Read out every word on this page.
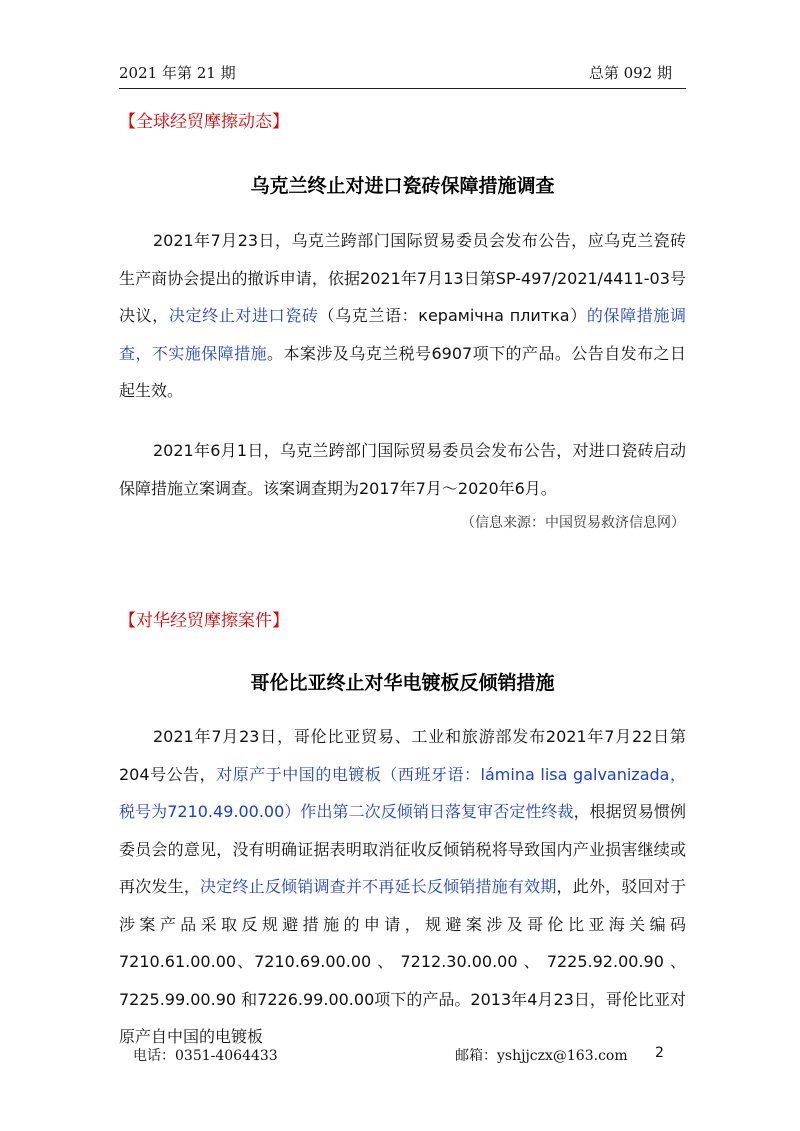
2021 年第 21 期	总第 092 期
【全球经贸摩擦动态】
乌克兰终止对进口瓷砖保障措施调查

2021年7月23日，乌克兰跨部门国际贸易委员会发布公告，应乌克兰瓷砖生产商协会提出的撤诉申请，依据2021年7月13日第SP-497/2021/4411-03号决议，决定终止对进口瓷砖（乌克兰语：керамічна плитка）的保障措施调查，不实施保障措施。本案涉及乌克兰税号6907项下的产品。公告自发布之日起生效。

2021年6月1日，乌克兰跨部门国际贸易委员会发布公告，对进口瓷砖启动保障措施立案调查。该案调查期为2017年7月～2020年6月。

（信息来源：中国贸易救济信息网）
【对华经贸摩擦案件】
哥伦比亚终止对华电镀板反倾销措施

2021年7月23日，哥伦比亚贸易、工业和旅游部发布2021年7月22日第204号公告，对原产于中国的电镀板（西班牙语：lámina lisa galvanizada，税号为7210.49.00.00）作出第二次反倾销日落复审否定性终裁，根据贸易惯例委员会的意见，没有明确证据表明取消征收反倾销税将导致国内产业损害继续或再次发生，决定终止反倾销调查并不再延长反倾销措施有效期，此外，驳回对于涉案产品采取反规避措施的申请，规避案涉及哥伦比亚海关编码7210.61.00.00、7210.69.00.00 、 7212.30.00.00 、 7225.92.00.90 、 7225.99.00.90 和7226.99.00.00项下的产品。2013年4月23日，哥伦比亚对原产自中国的电镀板

电话：0351-4064433	邮箱：yshjjczx@163.com 2
